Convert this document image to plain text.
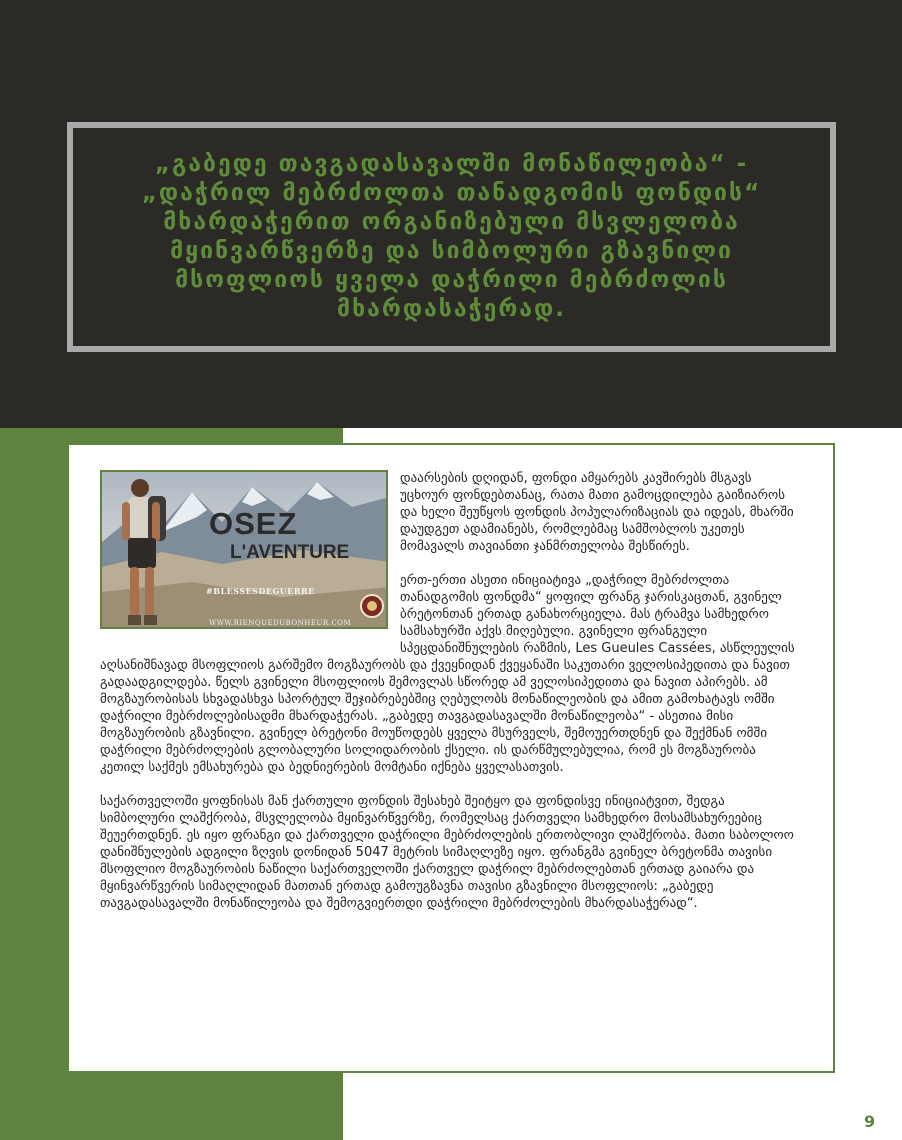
„გაბედე თავგადასავალში მონაწილეობა“ - „დაჭრილ მებრძოლთა თანადგომის ფონდის“ მხარდაჭერით ორგანიზებული მსვლელობა მყინვარწვერზე და სიმბოლური გზავნილი მსოფლიოს ყველა დაჭრილი მებრძოლის მხარდასაჭერად.
OSEZ
L'AVENTURE
#BLESSESDEGUERRE
WWW.RIENQUEDUBONHEUR.COM

დაარსების დღიდან, ფონდი ამყარებს კავშირებს მსგავს უცხოურ ფონდებთანაც, რათა მათი გამოცდილება გაიზიაროს და ხელი შეუწყოს ფონდის პოპულარიზაციას და იდეას, მხარში დაუდგეთ ადამიანებს, რომლებმაც სამშობლოს უკეთეს მომავალს თავიანთი ჯანმრთელობა შესწირეს.

ერთ-ერთი ასეთი ინიციატივა „დაჭრილ მებრძოლთა თანადგომის ფონდმა“ ყოფილ ფრანგ ჯარისკაცთან, გვინელ ბრეტონთან ერთად განახორციელა. მას ტრამვა სამხედრო სამსახურში აქვს მიღებული. გვინელი ფრანგული სპეცდანიშნულების რაზმის, Les Gueules Cassées, ასწლეულის აღსანიშნავად მსოფლიოს გარშემო მოგზაურობს და ქვეყნიდან ქვეყანაში საკუთარი ველოსიპედითა და ნავით გადაადგილდება. წელს გვინელი მსოფლიოს შემოვლას სწორედ ამ ველოსიპედითა და ნავით აპირებს. ამ მოგზაურობისას სხვადასხვა სპორტულ შეჯიბრებებშიც ღებულობს მონაწილეობის და ამით გამოხატავს ომში დაჭრილი მებრძოლებისადმი მხარდაჭერას. „გაბედე თავგადასავალში მონაწილეობა“ - ასეთია მისი მოგზაურობის გზავნილი. გვინელ ბრეტონი მოუწოდებს ყველა მსურველს, შემოუერთდნენ და შექმნან ომში დაჭრილი მებრძოლების გლობალური სოლიდარობის ქსელი. ის დარწმულებულია, რომ ეს მოგზაურობა კეთილ საქმეს ემსახურება და ბედნიერების მომტანი იქნება ყველასათვის.

საქართველოში ყოფნისას მან ქართული ფონდის შესახებ შეიტყო და ფონდისვე ინიციატვით, შედგა სიმბოლური ლაშქრობა, მსვლელობა მყინვარწვერზე, რომელსაც ქართველი სამხედრო მოსამსახურეებიც შეუერთდნენ. ეს იყო ფრანგი და ქართველი დაჭრილი მებრძოლების ერთობლივი ლაშქრობა. მათი საბოლოო დანიშნულების ადგილი ზღვის დონიდან 5047 მეტრის სიმაღლეზე იყო. ფრანგმა გვინელ ბრეტონმა თავისი მსოფლიო მოგზაურობის ნაწილი საქართველოში ქართველ დაჭრილ მებრძოლებთან ერთად გაიარა და მყინვარწვერის სიმაღლიდან მათთან ერთად გამოუგზავნა თავისი გზავნილი მსოფლიოს: „გაბედე თავგადასავალში მონაწილეობა და შემოგვიერთდი დაჭრილი მებრძოლების მხარდასაჭერად“.

9
